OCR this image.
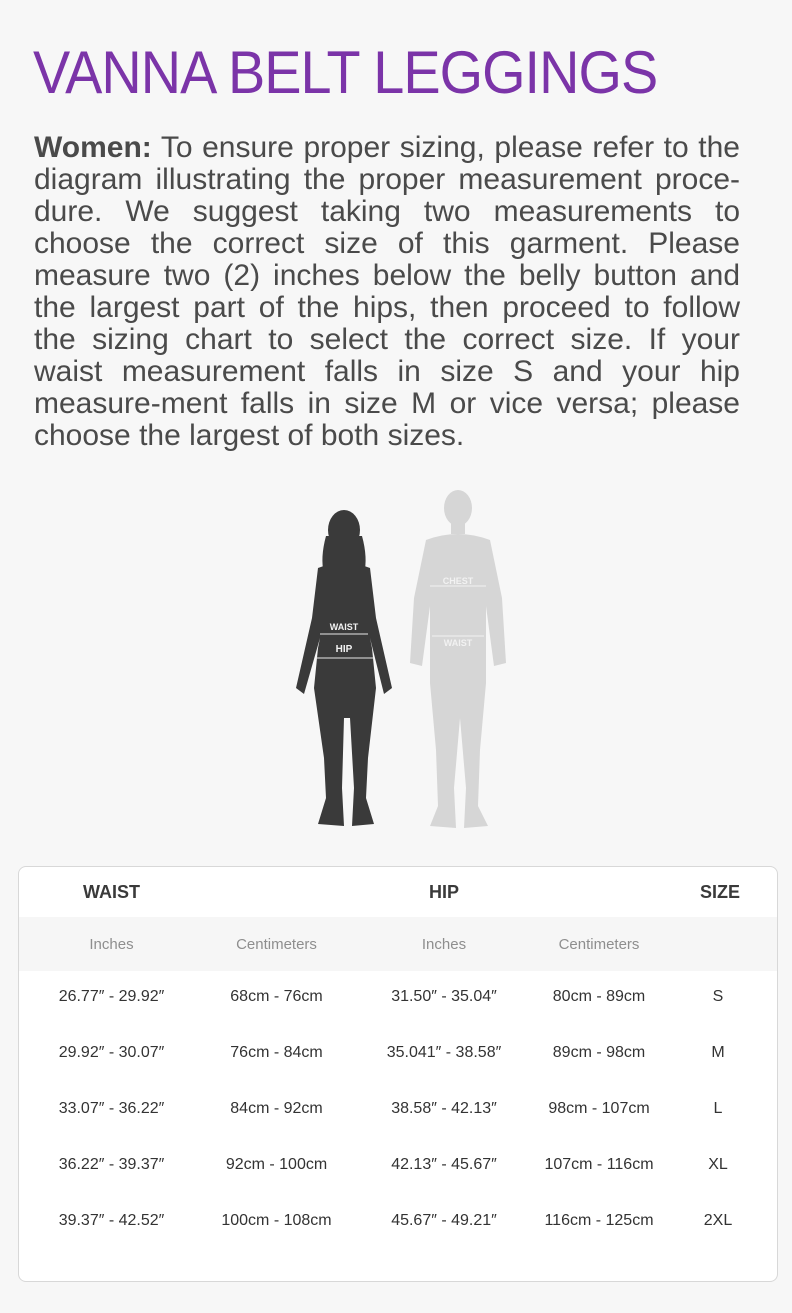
VANNA BELT LEGGINGS

Women: To ensure proper sizing, please refer to the diagram illustrating the proper measurement proce-dure. We suggest taking two measurements to choose the correct size of this garment. Please measure two (2) inches below the belly button and the largest part of the hips, then proceed to follow the sizing chart to select the correct size. If your waist measurement falls in size S and your hip measure-ment falls in size M or vice versa; please choose the largest of both sizes.

CHEST
WAIST
WAIST
HIP
WAIST	HIP	SIZE
Inches	Centimeters	Inches	Centimeters
26.77″ - 29.92″	68cm - 76cm	31.50″ - 35.04″	80cm - 89cm	S
29.92″ - 30.07″	76cm - 84cm	35.041″ - 38.58″	89cm - 98cm	M
33.07″ - 36.22″	84cm - 92cm	38.58″ - 42.13″	98cm - 107cm	L
36.22″ - 39.37″	92cm - 100cm	42.13″ - 45.67″	107cm - 116cm	XL
39.37″ - 42.52″	100cm - 108cm	45.67″ - 49.21″	116cm - 125cm	2XL
